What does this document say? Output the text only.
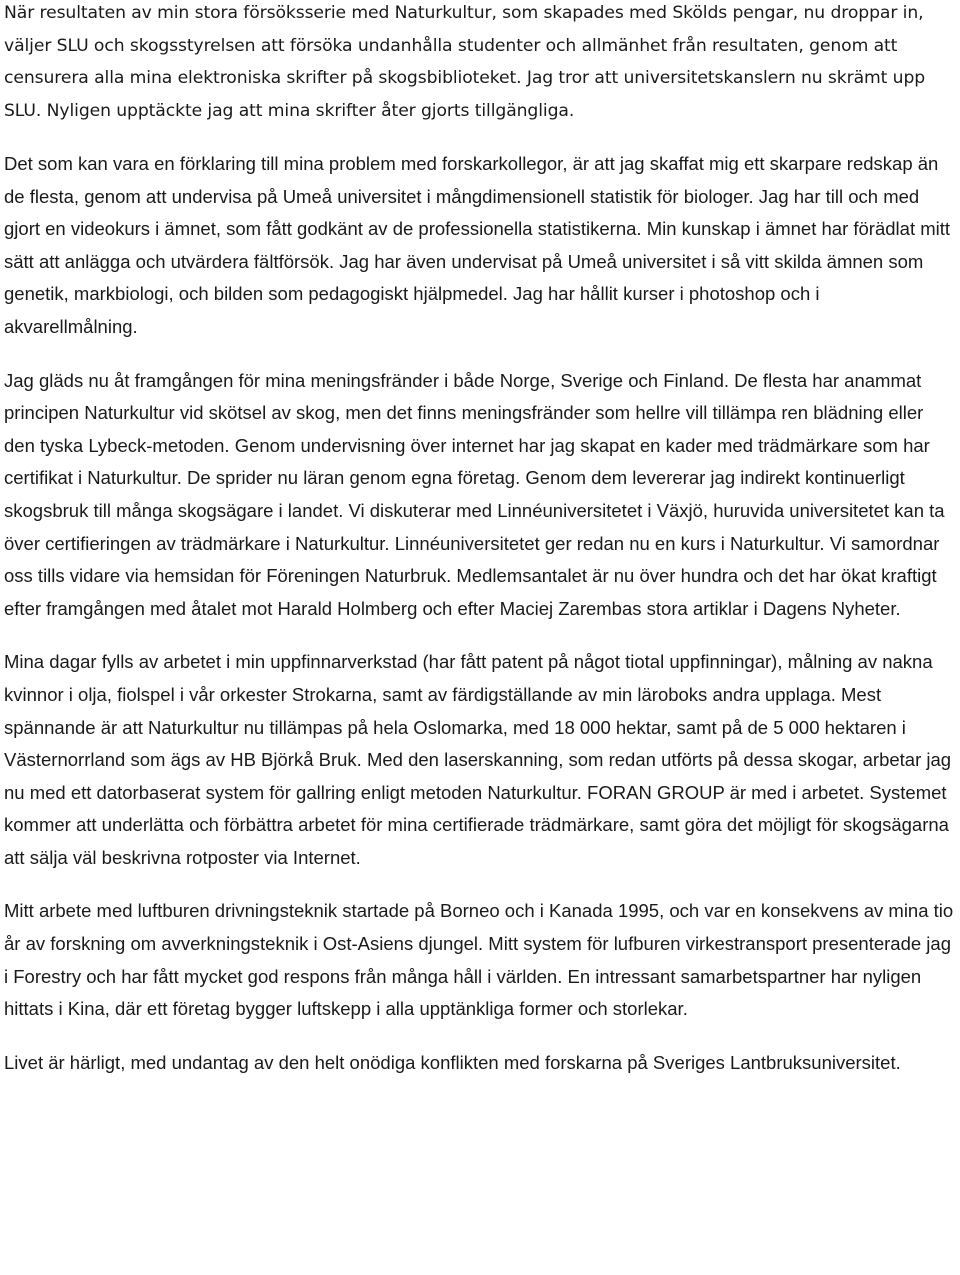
När resultaten av min stora försöksserie med Naturkultur, som skapades med Skölds pengar, nu droppar in, väljer SLU och skogsstyrelsen att försöka undanhålla studenter och allmänhet från resultaten, genom att censurera alla mina elektroniska skrifter på skogsbiblioteket. Jag tror att universitetskanslern nu skrämt upp SLU. Nyligen upptäckte jag att mina skrifter åter gjorts tillgängliga.

Det som kan vara en förklaring till mina problem med forskarkollegor, är att jag skaffat mig ett skarpare redskap än de flesta, genom att undervisa på Umeå universitet i mångdimensionell statistik för biologer. Jag har till och med gjort en videokurs i ämnet, som fått godkänt av de professionella statistikerna. Min kunskap i ämnet har förädlat mitt sätt att anlägga och utvärdera fältförsök. Jag har även undervisat på Umeå universitet i så vitt skilda ämnen som genetik, markbiologi, och bilden som pedagogiskt hjälpmedel. Jag har hållit kurser i photoshop och i akvarellmålning.

Jag gläds nu åt framgången för mina meningsfränder i både Norge, Sverige och Finland. De flesta har anammat principen Naturkultur vid skötsel av skog, men det finns meningsfränder som hellre vill tillämpa ren blädning eller den tyska Lybeck-metoden. Genom undervisning över internet har jag skapat en kader med trädmärkare som har certifikat i Naturkultur. De sprider nu läran genom egna företag. Genom dem levererar jag indirekt kontinuerligt skogsbruk till många skogsägare i landet. Vi diskuterar med Linnéuniversitetet i Växjö, huruvida universitetet kan ta över certifieringen av trädmärkare i Naturkultur. Linnéuniversitetet ger redan nu en kurs i Naturkultur. Vi samordnar oss tills vidare via hemsidan för Föreningen Naturbruk. Medlemsantalet är nu över hundra och det har ökat kraftigt efter framgången med åtalet mot Harald Holmberg och efter Maciej Zarembas stora artiklar i Dagens Nyheter.

Mina dagar fylls av arbetet i min uppfinnarverkstad (har fått patent på något tiotal uppfinningar), målning av nakna kvinnor i olja, fiolspel i vår orkester Strokarna, samt av färdigställande av min läroboks andra upplaga. Mest spännande är att Naturkultur nu tillämpas på hela Oslomarka, med 18 000 hektar, samt på de 5 000 hektaren i Västernorrland som ägs av HB Björkå Bruk. Med den laserskanning, som redan utförts på dessa skogar, arbetar jag nu med ett datorbaserat system för gallring enligt metoden Naturkultur. FORAN GROUP är med i arbetet. Systemet kommer att underlätta och förbättra arbetet för mina certifierade trädmärkare, samt göra det möjligt för skogsägarna att sälja väl beskrivna rotposter via Internet.

Mitt arbete med luftburen drivningsteknik startade på Borneo och i Kanada 1995, och var en konsekvens av mina tio år av forskning om avverkningsteknik i Ost-Asiens djungel. Mitt system för lufburen virkestransport presenterade jag i Forestry och har fått mycket god respons från många håll i världen. En intressant samarbetspartner har nyligen hittats i Kina, där ett företag bygger luftskepp i alla upptänkliga former och storlekar.

Livet är härligt, med undantag av den helt onödiga konflikten med forskarna på Sveriges Lantbruksuniversitet.
